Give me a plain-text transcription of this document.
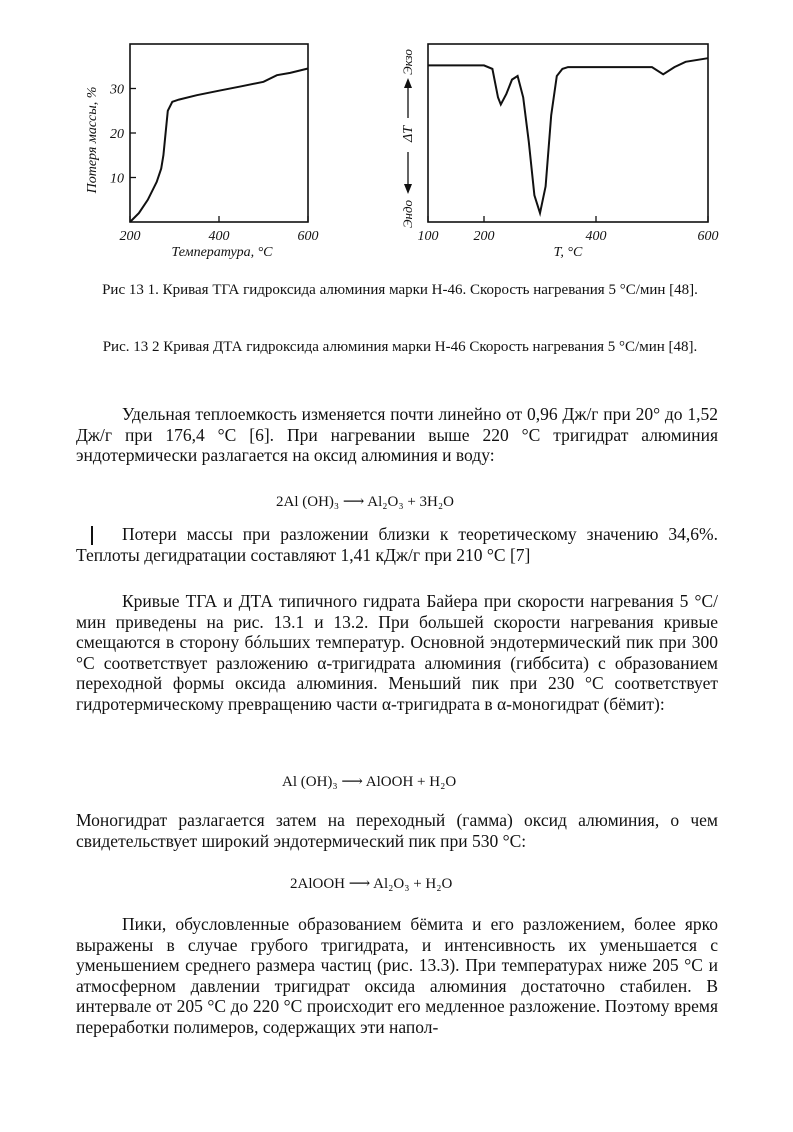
200	400	600
10
20
30
Потеря массы, %
Температура, °C
100	200	400	600
Экзо
ΔT
Эндо
T, °C
Рис 13 1. Кривая ТГА гидроксида алюминия марки Н-46. Скорость нагревания 5 °С/мин [48].
Рис. 13 2 Кривая ДТА гидроксида алюминия марки Н-46 Скорость нагревания 5 °С/мин [48].
Удельная теплоемкость изменяется почти линейно от 0,96 Дж/г при 20° до 1,52 Дж/г при 176,4 °С [6]. При нагревании выше 220 °С тригидрат алюминия эндотермически разлагается на оксид алюминия и воду:
2Al (OH)₃ ⟶ Al₂O₃ + 3H₂O
Потери массы при разложении близки к теоретическому значению 34,6%. Теплоты дегидратации составляют 1,41 кДж/г при 210 °С [7]
Кривые ТГА и ДТА типичного гидрата Байера при скорости нагревания 5 °С/мин приведены на рис. 13.1 и 13.2. При большей скорости нагревания кривые смещаются в сторону бóльших температур. Основной эндотермический пик при 300 °С соответствует разложению α-тригидрата алюминия (гиббсита) с образованием переходной формы оксида алюминия. Меньший пик при 230 °С соответствует гидротермическому превращению части α-тригидрата в α-моногидрат (бёмит):
Al (OH)₃ ⟶ AlOOH + H₂O
Моногидрат разлагается затем на переходный (гамма) оксид алюминия, о чем свидетельствует широкий эндотермический пик при 530 °С:
2AlOOH ⟶ Al₂O₃ + H₂O
Пики, обусловленные образованием бёмита и его разложением, более ярко выражены в случае грубого тригидрата, и интенсивность их уменьшается с уменьшением среднего размера частиц (рис. 13.3). При температурах ниже 205 °С и атмосферном давлении тригидрат оксида алюминия достаточно стабилен. В интервале от 205 °С до 220 °С происходит его медленное разложение. Поэтому время переработки полимеров, содержащих эти напол-
